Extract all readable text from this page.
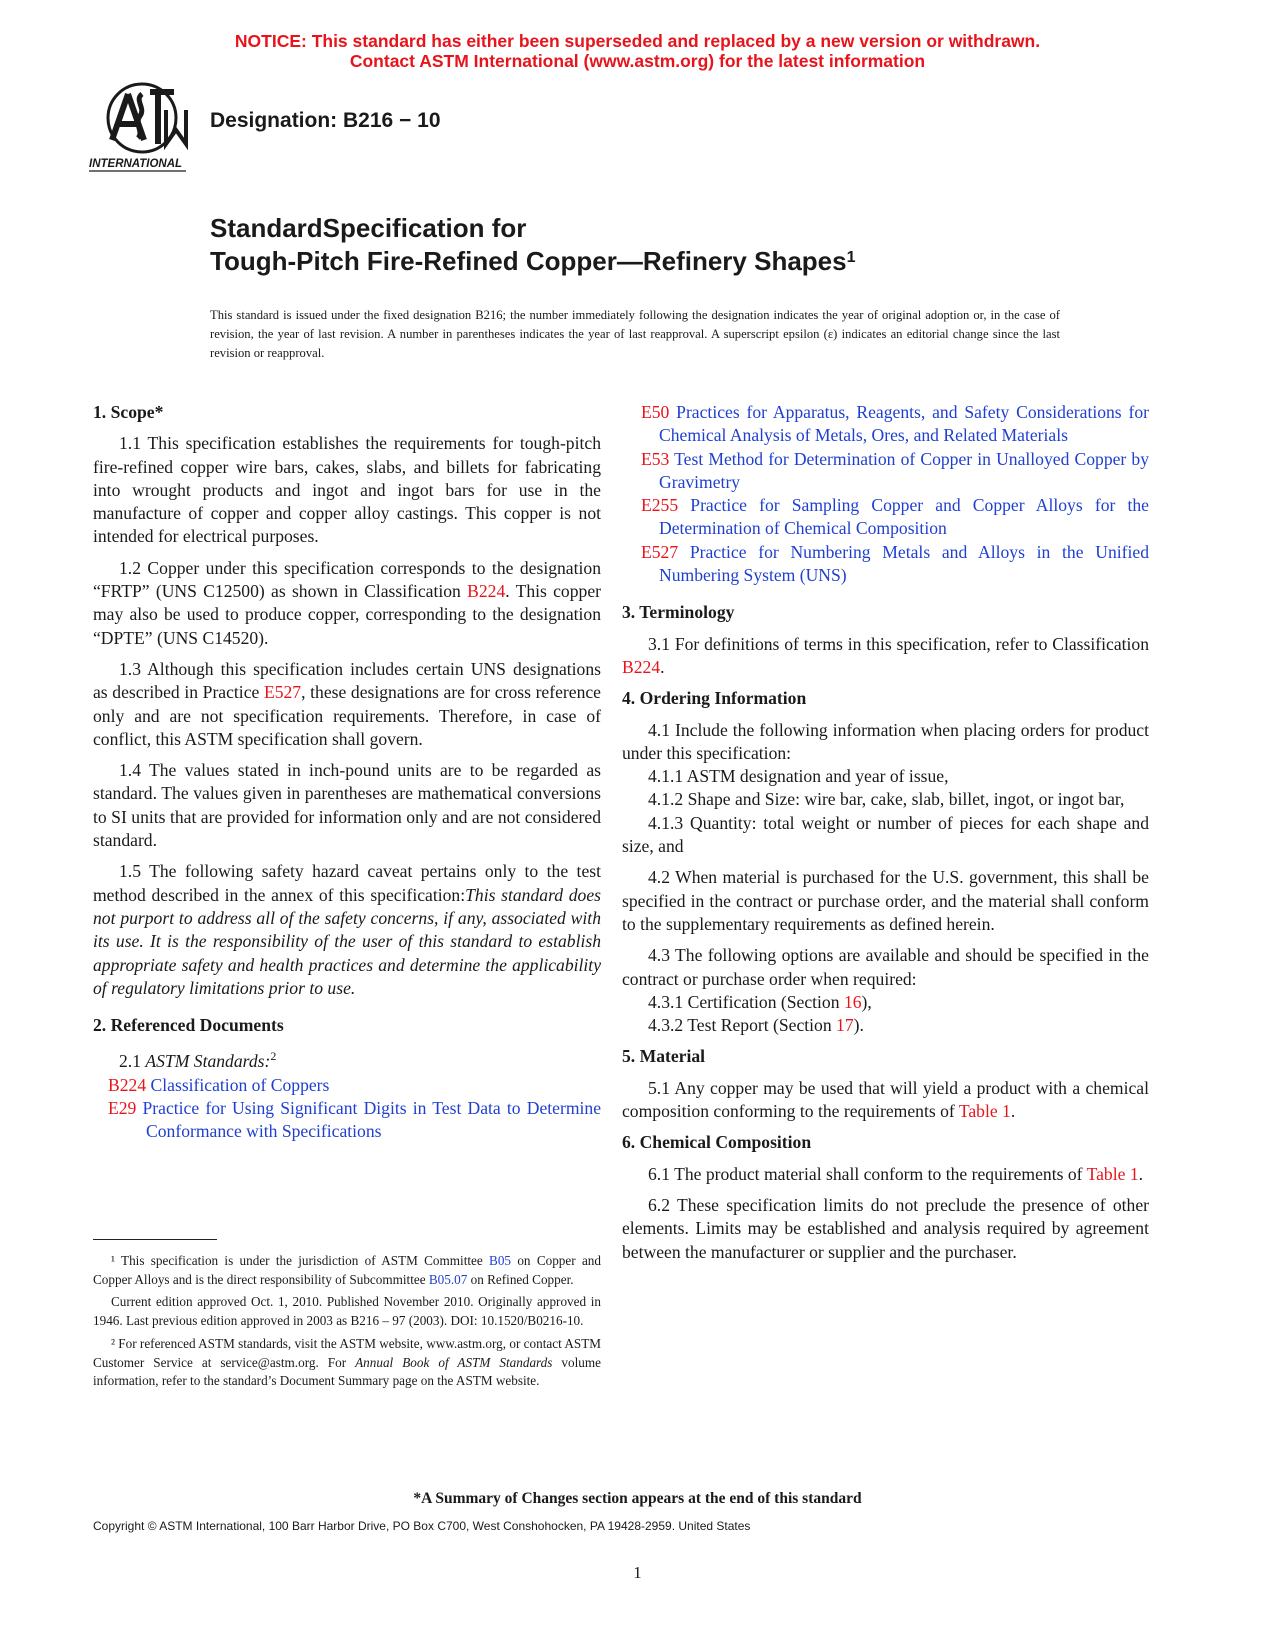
NOTICE: This standard has either been superseded and replaced by a new version or withdrawn.
Contact ASTM International (www.astm.org) for the latest information
INTERNATIONAL
Designation: B216 − 10
StandardSpecification for
Tough-Pitch Fire-Refined Copper—Refinery Shapes$^1$
This standard is issued under the fixed designation B216; the number immediately following the designation indicates the year of original adoption or, in the case of revision, the year of last revision. A number in parentheses indicates the year of last reapproval. A superscript epsilon (ε) indicates an editorial change since the last revision or reapproval.

1. Scope*

1.1 This specification establishes the requirements for tough-pitch fire-refined copper wire bars, cakes, slabs, and billets for fabricating into wrought products and ingot and ingot bars for use in the manufacture of copper and copper alloy castings. This copper is not intended for electrical purposes.

1.2 Copper under this specification corresponds to the designation “FRTP” (UNS C12500) as shown in Classification B224. This copper may also be used to produce copper, corresponding to the designation “DPTE” (UNS C14520).

1.3 Although this specification includes certain UNS designations as described in Practice E527, these designations are for cross reference only and are not specification requirements. Therefore, in case of conflict, this ASTM specification shall govern.

1.4 The values stated in inch-pound units are to be regarded as standard. The values given in parentheses are mathematical conversions to SI units that are provided for information only and are not considered standard.

1.5 The following safety hazard caveat pertains only to the test method described in the annex of this specification:This standard does not purport to address all of the safety concerns, if any, associated with its use. It is the responsibility of the user of this standard to establish appropriate safety and health practices and determine the applicability of regulatory limitations prior to use.

2. Referenced Documents

2.1 ASTM Standards:$^2$

B224 Classification of Coppers

E29 Practice for Using Significant Digits in Test Data to Determine Conformance with Specifications

E50 Practices for Apparatus, Reagents, and Safety Considerations for Chemical Analysis of Metals, Ores, and Related Materials

E53 Test Method for Determination of Copper in Unalloyed Copper by Gravimetry

E255 Practice for Sampling Copper and Copper Alloys for the Determination of Chemical Composition

E527 Practice for Numbering Metals and Alloys in the Unified Numbering System (UNS)

3. Terminology

3.1 For definitions of terms in this specification, refer to Classification B224.

4. Ordering Information

4.1 Include the following information when placing orders for product under this specification:

4.1.1 ASTM designation and year of issue,

4.1.2 Shape and Size: wire bar, cake, slab, billet, ingot, or ingot bar,

4.1.3 Quantity: total weight or number of pieces for each shape and size, and

4.2 When material is purchased for the U.S. government, this shall be specified in the contract or purchase order, and the material shall conform to the supplementary requirements as defined herein.

4.3 The following options are available and should be specified in the contract or purchase order when required:

4.3.1 Certification (Section 16),

4.3.2 Test Report (Section 17).

5. Material

5.1 Any copper may be used that will yield a product with a chemical composition conforming to the requirements of Table 1.

6. Chemical Composition

6.1 The product material shall conform to the requirements of Table 1.

6.2 These specification limits do not preclude the presence of other elements. Limits may be established and analysis required by agreement between the manufacturer or supplier and the purchaser.

¹ This specification is under the jurisdiction of ASTM Committee B05 on Copper and Copper Alloys and is the direct responsibility of Subcommittee B05.07 on Refined Copper.

Current edition approved Oct. 1, 2010. Published November 2010. Originally approved in 1946. Last previous edition approved in 2003 as B216 – 97 (2003). DOI: 10.1520/B0216-10.

² For referenced ASTM standards, visit the ASTM website, www.astm.org, or contact ASTM Customer Service at service@astm.org. For Annual Book of ASTM Standards volume information, refer to the standard’s Document Summary page on the ASTM website.

*A Summary of Changes section appears at the end of this standard
Copyright © ASTM International, 100 Barr Harbor Drive, PO Box C700, West Conshohocken, PA 19428-2959. United States
1
